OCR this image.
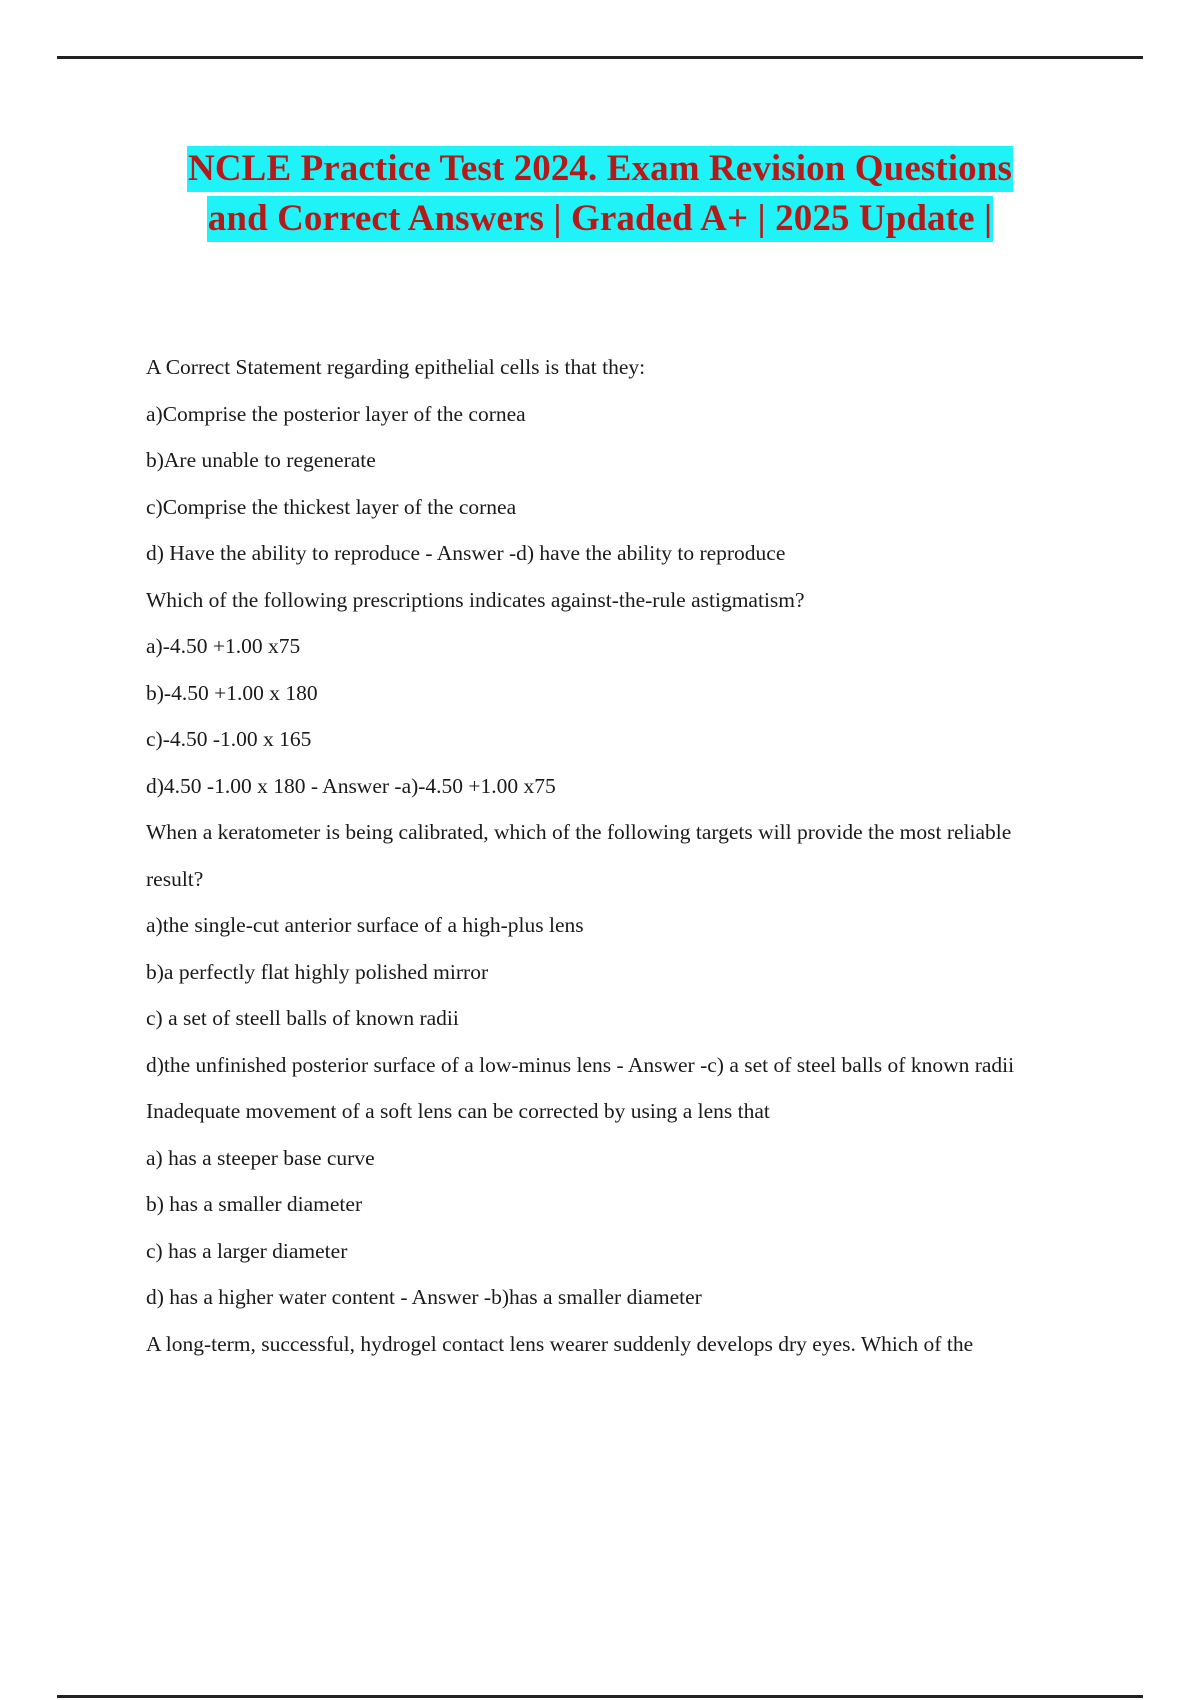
NCLE Practice Test 2024. Exam Revision Questions
and Correct Answers | Graded A+ | 2025 Update |

A Correct Statement regarding epithelial cells is that they:

a)Comprise the posterior layer of the cornea

b)Are unable to regenerate

c)Comprise the thickest layer of the cornea

d) Have the ability to reproduce - Answer -d) have the ability to reproduce

Which of the following prescriptions indicates against-the-rule astigmatism?

a)-4.50 +1.00 x75

b)-4.50 +1.00 x 180

c)-4.50 -1.00 x 165

d)4.50 -1.00 x 180 - Answer -a)-4.50 +1.00 x75

When a keratometer is being calibrated, which of the following targets will provide the most reliable

result?

a)the single-cut anterior surface of a high-plus lens

b)a perfectly flat highly polished mirror

c) a set of steell balls of known radii

d)the unfinished posterior surface of a low-minus lens - Answer -c) a set of steel balls of known radii

Inadequate movement of a soft lens can be corrected by using a lens that

a) has a steeper base curve

b) has a smaller diameter

c) has a larger diameter

d) has a higher water content - Answer -b)has a smaller diameter

A long-term, successful, hydrogel contact lens wearer suddenly develops dry eyes. Which of the
